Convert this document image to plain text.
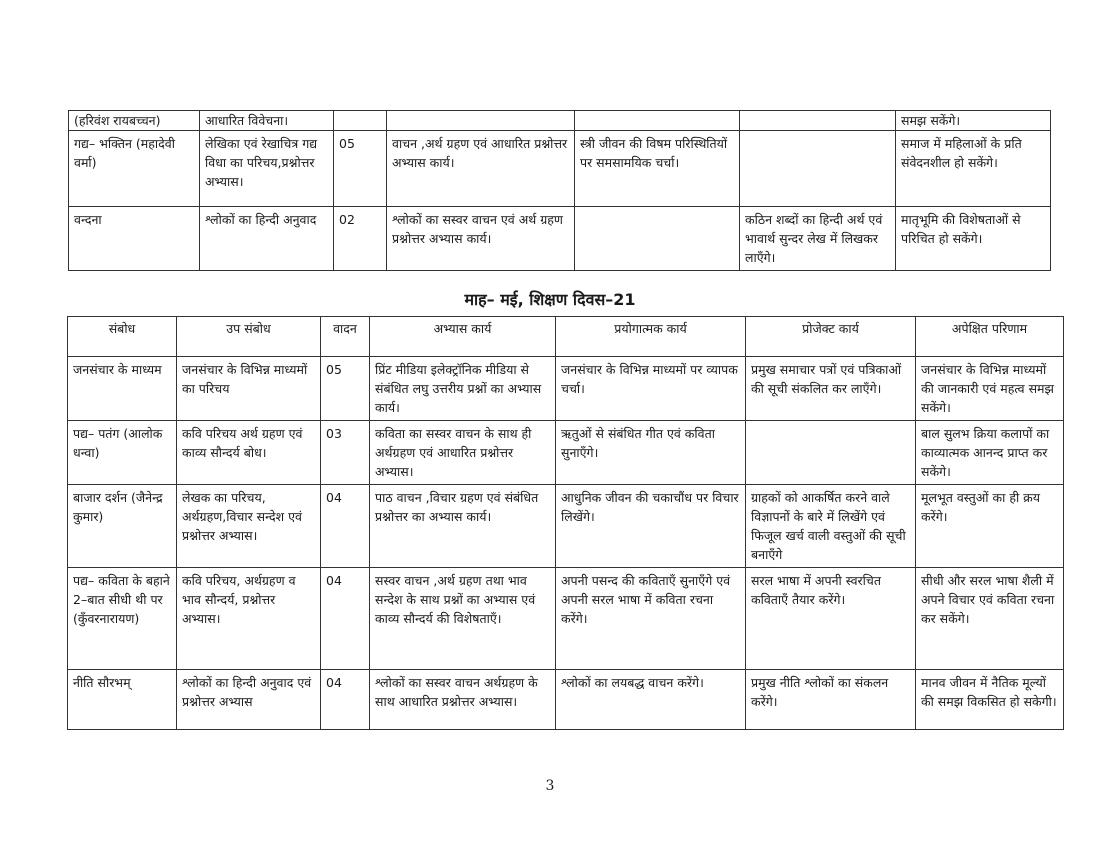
(हरिवंश रायबच्चन)	आधारित विवेचना।					समझ सकेंगे।
गद्य– भक्तिन (महादेवी वर्मा)	लेखिका एवं रेखाचित्र गद्य विधा का परिचय,प्रश्नोत्तर अभ्यास।	05	वाचन ,अर्थ ग्रहण एवं आधारित प्रश्नोत्तर अभ्यास कार्य।	स्त्री जीवन की विषम परिस्थितियों पर समसामयिक चर्चा।		समाज में महिलाओं के प्रति संवेदनशील हो सकेंगे।
वन्दना	श्लोकों का हिन्दी अनुवाद	02	श्लोकों का सस्वर वाचन एवं अर्थ ग्रहण प्रश्नोत्तर अभ्यास कार्य।		कठिन शब्दों का हिन्दी अर्थ एवं भावार्थ सुन्दर लेख में लिखकर लाएँगे।	मातृभूमि की विशेषताओं से परिचित हो सकेंगे।
माह– मई, शिक्षण दिवस–21
संबोध	उप संबोध	वादन	अभ्यास कार्य	प्रयोगात्मक कार्य	प्रोजेक्ट कार्य	अपेक्षित परिणाम
जनसंचार के माध्यम	जनसंचार के विभिन्न माध्यमों का परिचय	05	प्रिंट मीडिया इलेक्ट्रॉनिक मीडिया से संबंधित लघु उत्तरीय प्रश्नों का अभ्यास कार्य।	जनसंचार के विभिन्न माध्यमों पर व्यापक चर्चा।	प्रमुख समाचार पत्रों एवं पत्रिकाओं की सूची संकलित कर लाएँगे।	जनसंचार के विभिन्न माध्यमों की जानकारी एवं महत्व समझ सकेंगे।
पद्य– पतंग (आलोक धन्वा)	कवि परिचय अर्थ ग्रहण एवं काव्य सौन्दर्य बोध।	03	कविता का सस्वर वाचन के साथ ही अर्थग्रहण एवं आधारित प्रश्नोत्तर अभ्यास।	ऋतुओं से संबंधित गीत एवं कविता सुनाएँगे।		बाल सुलभ क्रिया कलापों का काव्यात्मक आनन्द प्राप्त कर सकेंगे।
बाजार दर्शन (जैनेन्द्र कुमार)	लेखक का परिचय, अर्थग्रहण,विचार सन्देश एवं प्रश्नोत्तर अभ्यास।	04	पाठ वाचन ,विचार ग्रहण एवं संबंधित प्रश्नोत्तर का अभ्यास कार्य।	आधुनिक जीवन की चकाचौंध पर विचार लिखेंगे।	ग्राहकों को आकर्षित करने वाले विज्ञापनों के बारे में लिखेंगे एवं फिजूल खर्च वाली वस्तुओं की सूची बनाएँगे	मूलभूत वस्तुओं का ही क्रय करेंगे।
पद्य– कविता के बहाने 2–बात सीधी थी पर (कुँवरनारायण)	कवि परिचय, अर्थग्रहण व भाव सौन्दर्य, प्रश्नोत्तर अभ्यास।	04	सस्वर वाचन ,अर्थ ग्रहण तथा भाव सन्देश के साथ प्रश्नों का अभ्यास एवं काव्य सौन्दर्य की विशेषताएँ।	अपनी पसन्द की कविताएँ सुनाएँगे एवं अपनी सरल भाषा में कविता रचना करेंगे।	सरल भाषा में अपनी स्वरचित कविताएँ तैयार करेंगे।	सीधी और सरल भाषा शैली में अपने विचार एवं कविता रचना कर सकेंगे।
नीति सौरभम्	श्लोकों का हिन्दी अनुवाद एवं प्रश्नोत्तर अभ्यास	04	श्लोकों का सस्वर वाचन अर्थग्रहण के साथ आधारित प्रश्नोत्तर अभ्यास।	श्लोकों का लयबद्ध वाचन करेंगे।	प्रमुख नीति श्लोकों का संकलन करेंगे।	मानव जीवन में नैतिक मूल्यों की समझ विकसित हो सकेगी।
3
